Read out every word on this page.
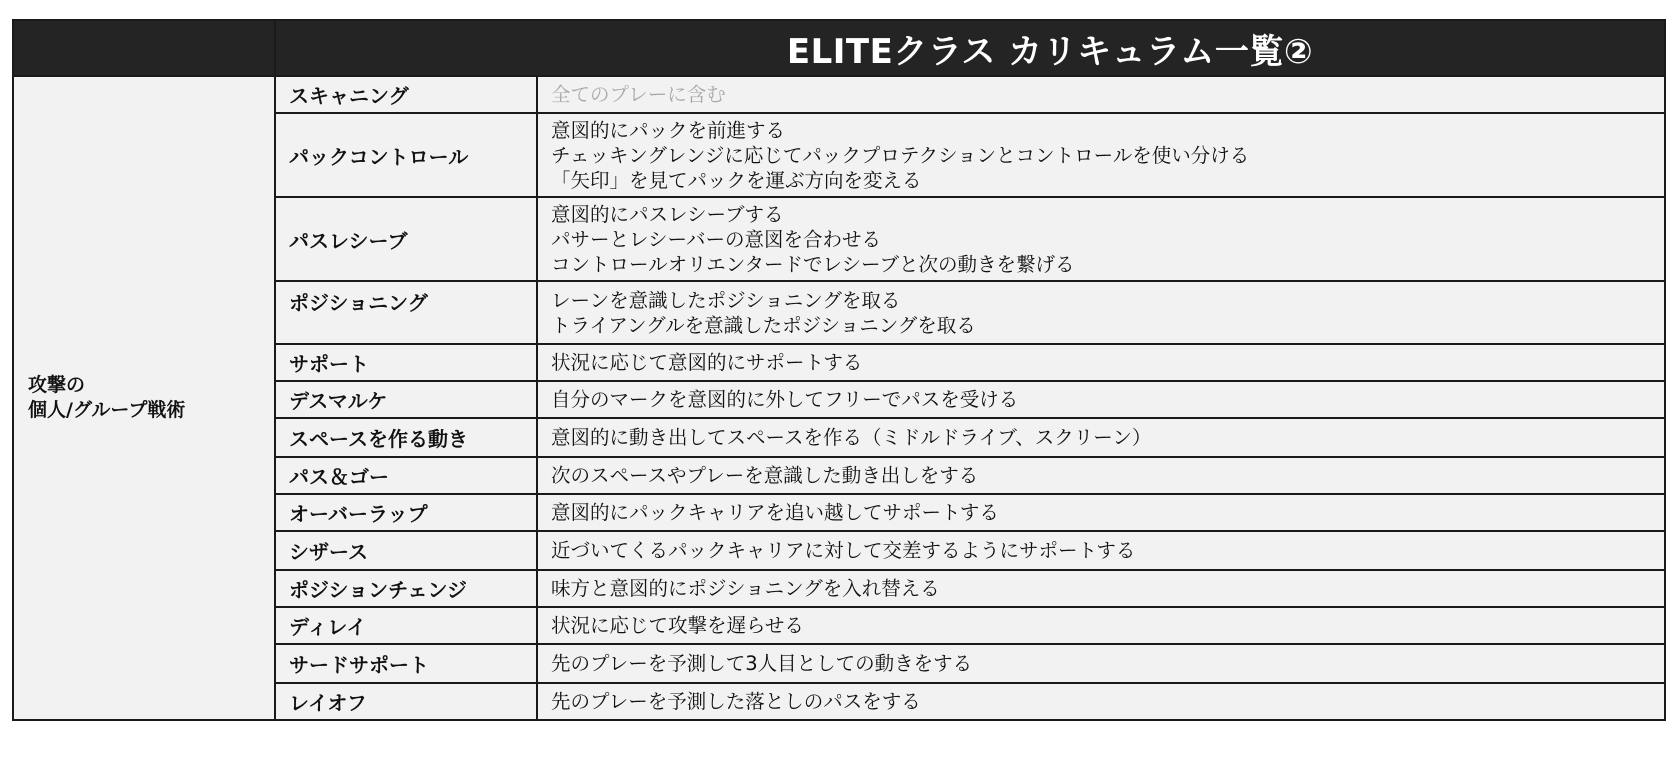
	ELITEクラス カリキュラム一覧②	

攻撃の
個人/グループ戦術	スキャニング	全てのプレーに含む

	パックコントロール	意図的にパックを前進する
チェッキングレンジに応じてパックプロテクションとコントロールを使い分ける
「矢印」を見てパックを運ぶ方向を変える

	パスレシーブ	意図的にパスレシーブする
パサーとレシーバーの意図を合わせる
コントロールオリエンタードでレシーブと次の動きを繋げる

	ポジショニング	レーンを意識したポジショニングを取る
トライアングルを意識したポジショニングを取る

	サポート	状況に応じて意図的にサポートする

	デスマルケ	自分のマークを意図的に外してフリーでパスを受ける

	スペースを作る動き	意図的に動き出してスペースを作る（ミドルドライブ、スクリーン）

	パス＆ゴー	次のスペースやプレーを意識した動き出しをする

	オーバーラップ	意図的にパックキャリアを追い越してサポートする

	シザース	近づいてくるパックキャリアに対して交差するようにサポートする

	ポジションチェンジ	味方と意図的にポジショニングを入れ替える

	ディレイ	状況に応じて攻撃を遅らせる

	サードサポート	先のプレーを予測して3人目としての動きをする

	レイオフ	先のプレーを予測した落としのパスをする
